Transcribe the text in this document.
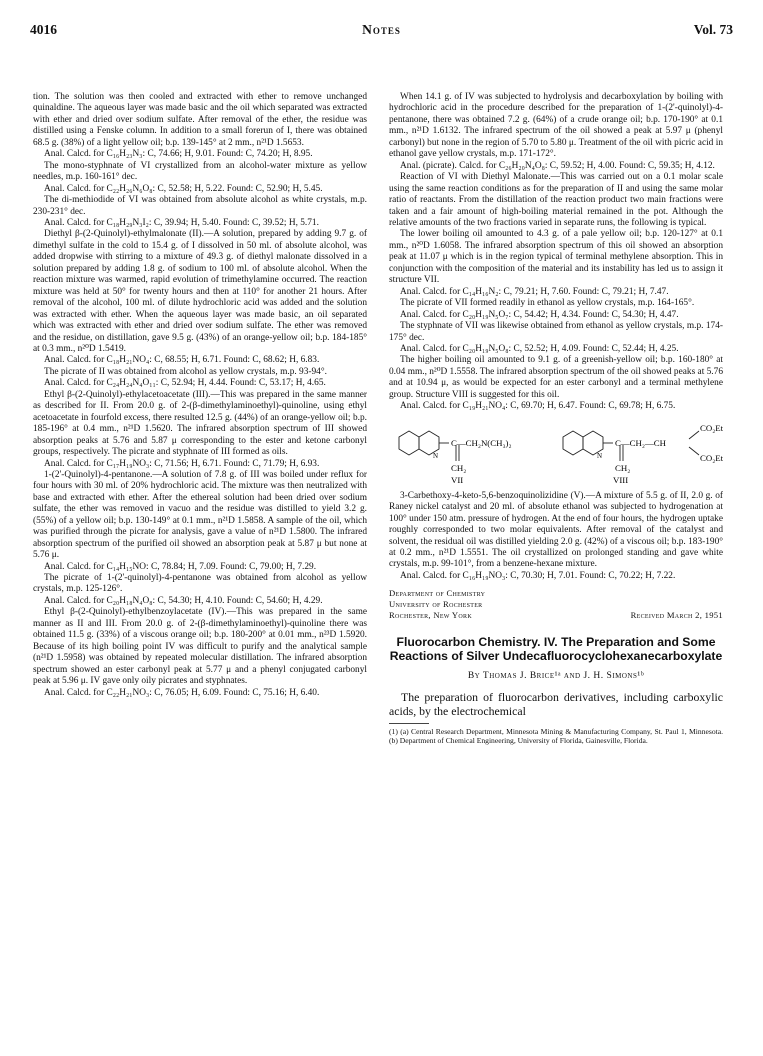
4016	Notes	Vol. 73

tion. The solution was then cooled and extracted with ether to remove unchanged quinaldine. The aqueous layer was made basic and the oil which separated was extracted with ether and dried over sodium sulfate. After removal of the ether, the residue was distilled using a Fenske column. In addition to a small forerun of I, there was obtained 68.5 g. (38%) of a light yellow oil; b.p. 139-145° at 2 mm., n²¹D 1.5653.

Anal. Calcd. for C₁₆H₂₃N₃: C, 74.66; H, 9.01. Found: C, 74.20; H, 8.95.

The mono-styphnate of VI crystallized from an alcohol-water mixture as yellow needles, m.p. 160-161° dec.

Anal. Calcd. for C₂₂H₂₆N₆O₈: C, 52.58; H, 5.22. Found: C, 52.90; H, 5.45.

The di-methiodide of VI was obtained from absolute alcohol as white crystals, m.p. 230-231° dec.

Anal. Calcd. for C₁₈H₂₉N₃I₂: C, 39.94; H, 5.40. Found: C, 39.52; H, 5.71.

Diethyl β-(2-Quinolyl)-ethylmalonate (II).—A solution, prepared by adding 9.7 g. of dimethyl sulfate in the cold to 15.4 g. of I dissolved in 50 ml. of absolute alcohol, was added dropwise with stirring to a mixture of 49.3 g. of diethyl malonate dissolved in a solution prepared by adding 1.8 g. of sodium to 100 ml. of absolute alcohol. When the reaction mixture was warmed, rapid evolution of trimethylamine occurred. The reaction mixture was held at 50° for twenty hours and then at 110° for another 21 hours. After removal of the alcohol, 100 ml. of dilute hydrochloric acid was added and the solution was extracted with ether. When the aqueous layer was made basic, an oil separated which was extracted with ether and dried over sodium sulfate. The ether was removed and the residue, on distillation, gave 9.5 g. (43%) of an orange-yellow oil; b.p. 184-185° at 0.3 mm., n²⁰D 1.5419.

Anal. Calcd. for C₁₈H₂₁NO₄: C, 68.55; H, 6.71. Found: C, 68.62; H, 6.83.

The picrate of II was obtained from alcohol as yellow crystals, m.p. 93-94°.

Anal. Calcd. for C₂₄H₂₄N₄O₁₁: C, 52.94; H, 4.44. Found: C, 53.17; H, 4.65.

Ethyl β-(2-Quinolyl)-ethylacetoacetate (III).—This was prepared in the same manner as described for II. From 20.0 g. of 2-(β-dimethylaminoethyl)-quinoline, using ethyl acetoacetate in fourfold excess, there resulted 12.5 g. (44%) of an orange-yellow oil; b.p. 185-196° at 0.4 mm., n²¹D 1.5620. The infrared absorption spectrum of III showed absorption peaks at 5.76 and 5.87 μ corresponding to the ester and ketone carbonyl groups, respectively. The picrate and styphnate of III formed as oils.

Anal. Calcd. for C₁₇H₁₉NO₃: C, 71.56; H, 6.71. Found: C, 71.79; H, 6.93.

1-(2'-Quinolyl)-4-pentanone.—A solution of 7.8 g. of III was boiled under reflux for four hours with 30 ml. of 20% hydrochloric acid. The mixture was then neutralized with base and extracted with ether. After the ethereal solution had been dried over sodium sulfate, the ether was removed in vacuo and the residue was distilled to yield 3.2 g. (55%) of a yellow oil; b.p. 130-149° at 0.1 mm., n²¹D 1.5858. A sample of the oil, which was purified through the picrate for analysis, gave a value of n²¹D 1.5800. The infrared absorption spectrum of the purified oil showed an absorption peak at 5.87 μ but none at 5.76 μ.

Anal. Calcd. for C₁₄H₁₅NO: C, 78.84; H, 7.09. Found: C, 79.00; H, 7.29.

The picrate of 1-(2'-quinolyl)-4-pentanone was obtained from alcohol as yellow crystals, m.p. 125-126°.

Anal. Calcd. for C₂₀H₁₈N₄O₈: C, 54.30; H, 4.10. Found: C, 54.60; H, 4.29.

Ethyl β-(2-Quinolyl)-ethylbenzoylacetate (IV).—This was prepared in the same manner as II and III. From 20.0 g. of 2-(β-dimethylaminoethyl)-quinoline there was obtained 11.5 g. (33%) of a viscous orange oil; b.p. 180-200° at 0.01 mm., n²³D 1.5920. Because of its high boiling point IV was difficult to purify and the analytical sample (n²¹D 1.5958) was obtained by repeated molecular distillation. The infrared absorption spectrum showed an ester carbonyl peak at 5.77 μ and a phenyl conjugated carbonyl peak at 5.96 μ. IV gave only oily picrates and styphnates.

Anal. Calcd. for C₂₂H₂₁NO₃: C, 76.05; H, 6.09. Found: C, 75.16; H, 6.40.

When 14.1 g. of IV was subjected to hydrolysis and decarboxylation by boiling with hydrochloric acid in the procedure described for the preparation of 1-(2'-quinolyl)-4-pentanone, there was obtained 7.2 g. (64%) of a crude orange oil; b.p. 170-190° at 0.1 mm., n²¹D 1.6132. The infrared spectrum of the oil showed a peak at 5.97 μ (phenyl carbonyl) but none in the region of 5.70 to 5.80 μ. Treatment of the oil with picric acid in ethanol gave yellow crystals, m.p. 171-172°.

Anal. (picrate). Calcd. for C₂₆H₂₀N₄O₈: C, 59.52; H, 4.00. Found: C, 59.35; H, 4.12.

Reaction of VI with Diethyl Malonate.—This was carried out on a 0.1 molar scale using the same reaction conditions as for the preparation of II and using the same molar ratio of reactants. From the distillation of the reaction product two main fractions were taken and a fair amount of high-boiling material remained in the pot. Although the relative amounts of the two fractions varied in separate runs, the following is typical.

The lower boiling oil amounted to 4.3 g. of a pale yellow oil; b.p. 120-127° at 0.1 mm., n²⁰D 1.6058. The infrared absorption spectrum of this oil showed an absorption peak at 11.07 μ which is in the region typical of terminal methylene absorption. This in conjunction with the composition of the material and its instability has led us to assign it structure VII.

Anal. Calcd. for C₁₄H₁₆N₂: C, 79.21; H, 7.60. Found: C, 79.21; H, 7.47.

The picrate of VII formed readily in ethanol as yellow crystals, m.p. 164-165°.

Anal. Calcd. for C₂₀H₁₉N₅O₇: C, 54.42; H, 4.34. Found: C, 54.30; H, 4.47.

The styphnate of VII was likewise obtained from ethanol as yellow crystals, m.p. 174-175° dec.

Anal. Calcd. for C₂₀H₁₉N₅O₈: C, 52.52; H, 4.09. Found: C, 52.44; H, 4.25.

The higher boiling oil amounted to 9.1 g. of a greenish-yellow oil; b.p. 160-180° at 0.04 mm., n²⁰D 1.5558. The infrared absorption spectrum of the oil showed peaks at 5.76 and at 10.94 μ, as would be expected for an ester carbonyl and a terminal methylene group. Structure VIII is suggested for this oil.

Anal. Calcd. for C₁₉H₂₁NO₄: C, 69.70; H, 6.47. Found: C, 69.78; H, 6.75.

N	N
C—CH₂N(CH₃)₂
CH₂
VII
C—CH₂—CH
CO₂Et
CO₂Et
CH₂
VIII

3-Carbethoxy-4-keto-5,6-benzoquinolizidine (V).—A mixture of 5.5 g. of II, 2.0 g. of Raney nickel catalyst and 20 ml. of absolute ethanol was subjected to hydrogenation at 100° under 150 atm. pressure of hydrogen. At the end of four hours, the hydrogen uptake roughly corresponded to two molar equivalents. After removal of the catalyst and solvent, the residual oil was distilled yielding 2.0 g. (42%) of a viscous oil; b.p. 183-190° at 0.2 mm., n²¹D 1.5551. The oil crystallized on prolonged standing and gave white crystals, m.p. 99-101°, from a benzene-hexane mixture.

Anal. Calcd. for C₁₆H₁₉NO₃: C, 70.30; H, 7.01. Found: C, 70.22; H, 7.22.

Department of Chemistry
University of Rochester
Rochester, New York	Received March 2, 1951
Fluorocarbon Chemistry. IV. The Preparation and Some Reactions of Silver Undecafluorocyclohexanecarboxylate
By Thomas J. Brice¹ᵃ and J. H. Simons¹ᵇ

The preparation of fluorocarbon derivatives, including carboxylic acids, by the electrochemical

(1) (a) Central Research Department, Minnesota Mining & Manufacturing Company, St. Paul 1, Minnesota. (b) Department of Chemical Engineering, University of Florida, Gainesville, Florida.
